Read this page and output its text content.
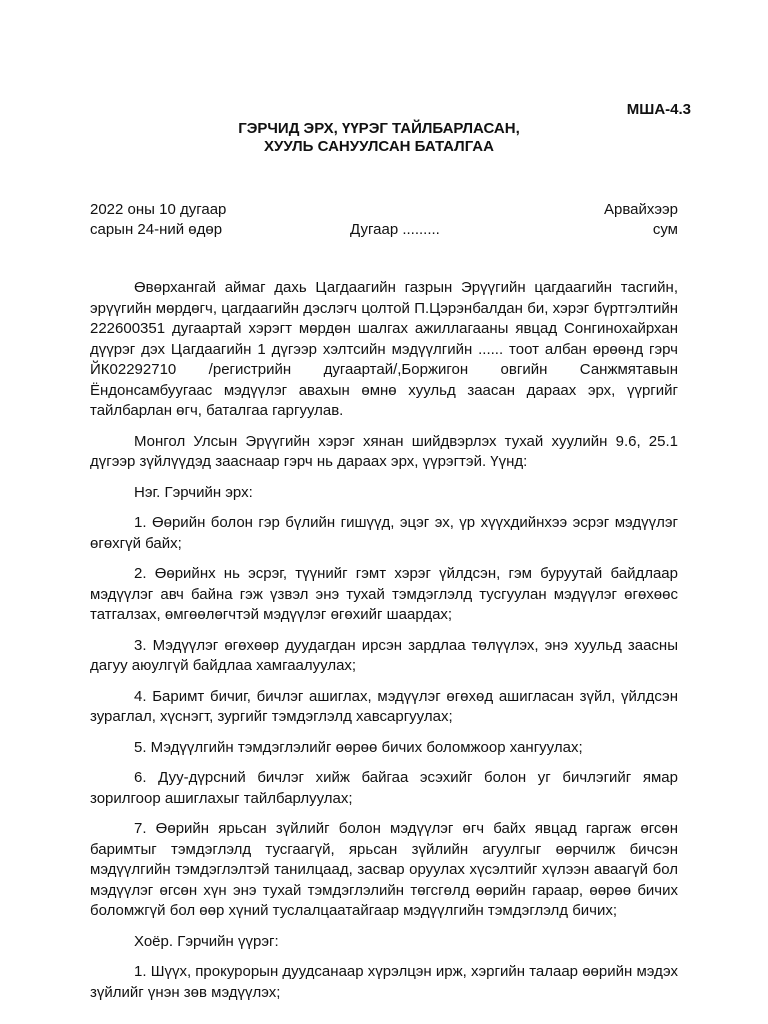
МША-4.3
ГЭРЧИД ЭРХ, ҮҮРЭГ ТАЙЛБАРЛАСАН,
ХУУЛЬ САНУУЛСАН БАТАЛГАА
2022 оны 10 дугаар
сарын 24-ний өдөр	Дугаар .........
Арвайхээр
сум

Өвөрхангай аймаг дахь Цагдаагийн газрын Эрүүгийн цагдаагийн тасгийн, эрүүгийн мөрдөгч, цагдаагийн дэслэгч цолтой П.Цэрэнбалдан би, хэрэг бүртгэлтийн 222600351 дугаартай хэрэгт мөрдөн шалгах ажиллагааны явцад Сонгинохайрхан дүүрэг дэх Цагдаагийн 1 дүгээр хэлтсийн мэдүүлгийн ...... тоот албан өрөөнд гэрч ЙК02292710 /регистрийн дугаартай/,Боржигон овгийн Санжмятавын Ёндонсамбуугаас мэдүүлэг авахын өмнө хуульд заасан дараах эрх, үүргийг тайлбарлан өгч, баталгаа гаргуулав.

Монгол Улсын Эрүүгийн хэрэг хянан шийдвэрлэх тухай хуулийн 9.6, 25.1 дүгээр зүйлүүдэд зааснаар гэрч нь дараах эрх, үүрэгтэй. Үүнд:

Нэг. Гэрчийн эрх:

1. Өөрийн болон гэр бүлийн гишүүд, эцэг эх, үр хүүхдийнхээ эсрэг мэдүүлэг өгөхгүй байх;

2. Өөрийнх нь эсрэг, түүнийг гэмт хэрэг үйлдсэн, гэм буруутай байдлаар мэдүүлэг авч байна гэж үзвэл энэ тухай тэмдэглэлд тусгуулан мэдүүлэг өгөхөөс татгалзах, өмгөөлөгчтэй мэдүүлэг өгөхийг шаардах;

3. Мэдүүлэг өгөхөөр дуудагдан ирсэн зардлаа төлүүлэх, энэ хуульд заасны дагуу аюулгүй байдлаа хамгаалуулах;

4. Баримт бичиг, бичлэг ашиглах, мэдүүлэг өгөхөд ашигласан зүйл, үйлдсэн зураглал, хүснэгт, зургийг тэмдэглэлд хавсаргуулах;

5. Мэдүүлгийн тэмдэглэлийг өөрөө бичих боломжоор хангуулах;

6. Дуу-дүрсний бичлэг хийж байгаа эсэхийг болон уг бичлэгийг ямар зорилгоор ашиглахыг тайлбарлуулах;

7. Өөрийн ярьсан зүйлийг болон мэдүүлэг өгч байх явцад гаргаж өгсөн баримтыг тэмдэглэлд тусгаагүй, ярьсан зүйлийн агуулгыг өөрчилж бичсэн мэдүүлгийн тэмдэглэлтэй танилцаад, засвар оруулах хүсэлтийг хүлээн аваагүй бол мэдүүлэг өгсөн хүн энэ тухай тэмдэглэлийн төгсгөлд өөрийн гараар, өөрөө бичих боломжгүй бол өөр хүний туслалцаатайгаар мэдүүлгийн тэмдэглэлд бичих;

Хоёр. Гэрчийн үүрэг:

1. Шүүх, прокурорын дуудсанаар хүрэлцэн ирж, хэргийн талаар өөрийн мэдэх зүйлийг үнэн зөв мэдүүлэх;
